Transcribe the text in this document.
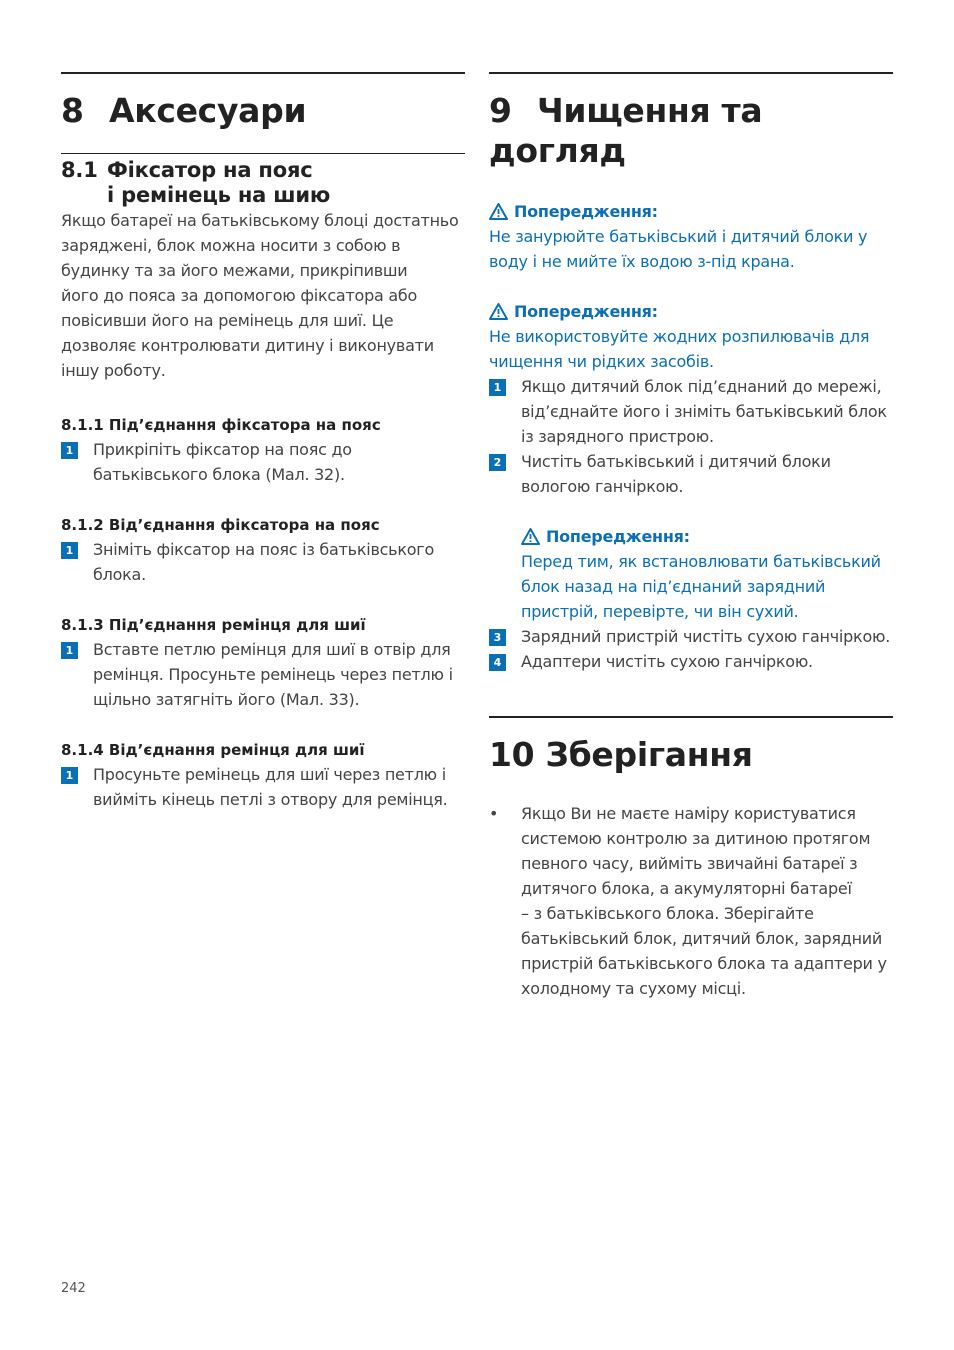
8 Аксесуари
8.1 Фіксатор на пояс
і ремінець на шию
Якщо батареї на батьківському блоці достатньо
заряджені, блок можна носити з собою в
будинку та за його межами, прикріпивши
його до пояса за допомогою фіксатора або
повісивши його на ремінець для шиї. Це
дозволяє контролювати дитину і виконувати
іншу роботу.
8.1.1 Під’єднання фіксатора на пояс
1 Прикріпіть фіксатор на пояс до
батьківського блока (Мал. 32).
8.1.2 Від’єднання фіксатора на пояс
1 Зніміть фіксатор на пояс із батьківського
блока.
8.1.3 Під’єднання ремінця для шиї
1 Вставте петлю ремінця для шиї в отвір для
ремінця. Просуньте ремінець через петлю і
щільно затягніть його (Мал. 33).
8.1.4 Від’єднання ремінця для шиї
1 Просуньте ремінець для шиї через петлю і
вийміть кінець петлі з отвору для ремінця.
9 Чищення та догляд
Попередження:
Не занурюйте батьківський і дитячий блоки у
воду і не мийте їх водою з-під крана.
Попередження:
Не використовуйте жодних розпилювачів для
чищення чи рідких засобів.
1 Якщо дитячий блок під’єднаний до мережі,
від’єднайте його і зніміть батьківський блок
із зарядного пристрою.
2 Чистіть батьківський і дитячий блоки
вологою ганчіркою.
Попередження:
Перед тим, як встановлювати батьківський
блок назад на під’єднаний зарядний
пристрій, перевірте, чи він сухий.
3 Зарядний пристрій чистіть сухою ганчіркою.
4 Адаптери чистіть сухою ганчіркою.
10 Зберігання
• Якщо Ви не маєте наміру користуватися
системою контролю за дитиною протягом
певного часу, вийміть звичайні батареї з
дитячого блока, а акумуляторні батареї
– з батьківського блока. Зберігайте
батьківський блок, дитячий блок, зарядний
пристрій батьківського блока та адаптери у
холодному та сухому місці.
242
